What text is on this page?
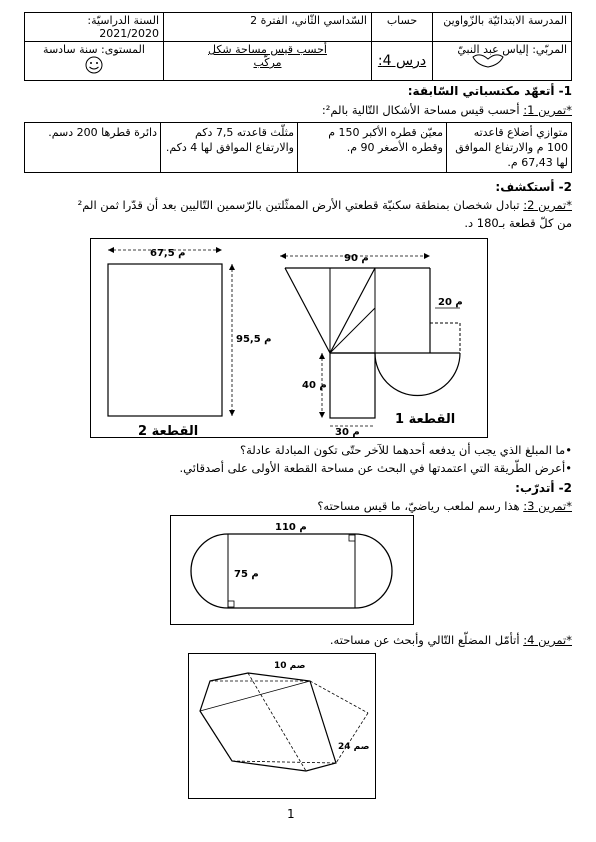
المدرسة الابتدائيّة بالزّواوين	حساب	السّداسي الثّاني، الفترة 2	السنة الدراسيّة: 2021/2020
المربّي: إلياس عبد النبيّ	درس 4:	أحسب قيس مساحة شكل
مركّب	المستوى: سنة سادسة
1- أتعهّد مكتسباتي السّابقة:
*تمرين 1: أحسب قيس مساحة الأشكال التّالية بالم²:
متوازي أضلاع قاعدته 100 م والارتفاع الموافق لها 67,43 م.	معيّن قطره الأكبر 150 م وقطره الأصغر 90 م.	مثلّث قاعدته 7,5 دكم والارتفاع الموافق لها 4 دكم.	دائرة قطرها 200 دسم.
2- أستكشف:
*تمرين 2: تبادل شخصان بمنطقة سكنيّة قطعتي الأرض الممثّلتين بالرّسمين التّاليين بعد أن قدّرا ثمن الم²
من كلّ قطعة بـ180 د.
67,5 م
95,5 م
القطعة 2
90 م
20 م
40 م
30 م
القطعة 1
•ما المبلغ الذي يجب أن يدفعه أحدهما للآخر حتّى تكون المبادلة عادلة؟
•أعرض الطّريقة التي اعتمدتها في البحث عن مساحة القطعة الأولى على أصدقائي.
2- أتدرّب:
*تمرين 3: هذا رسم لملعب رياضيّ، ما قيس مساحته؟
110 م
75 م
*تمرين 4: أتأمّل المضلّع التّالي وأبحث عن مساحته.
10 صم
24 صم
1
